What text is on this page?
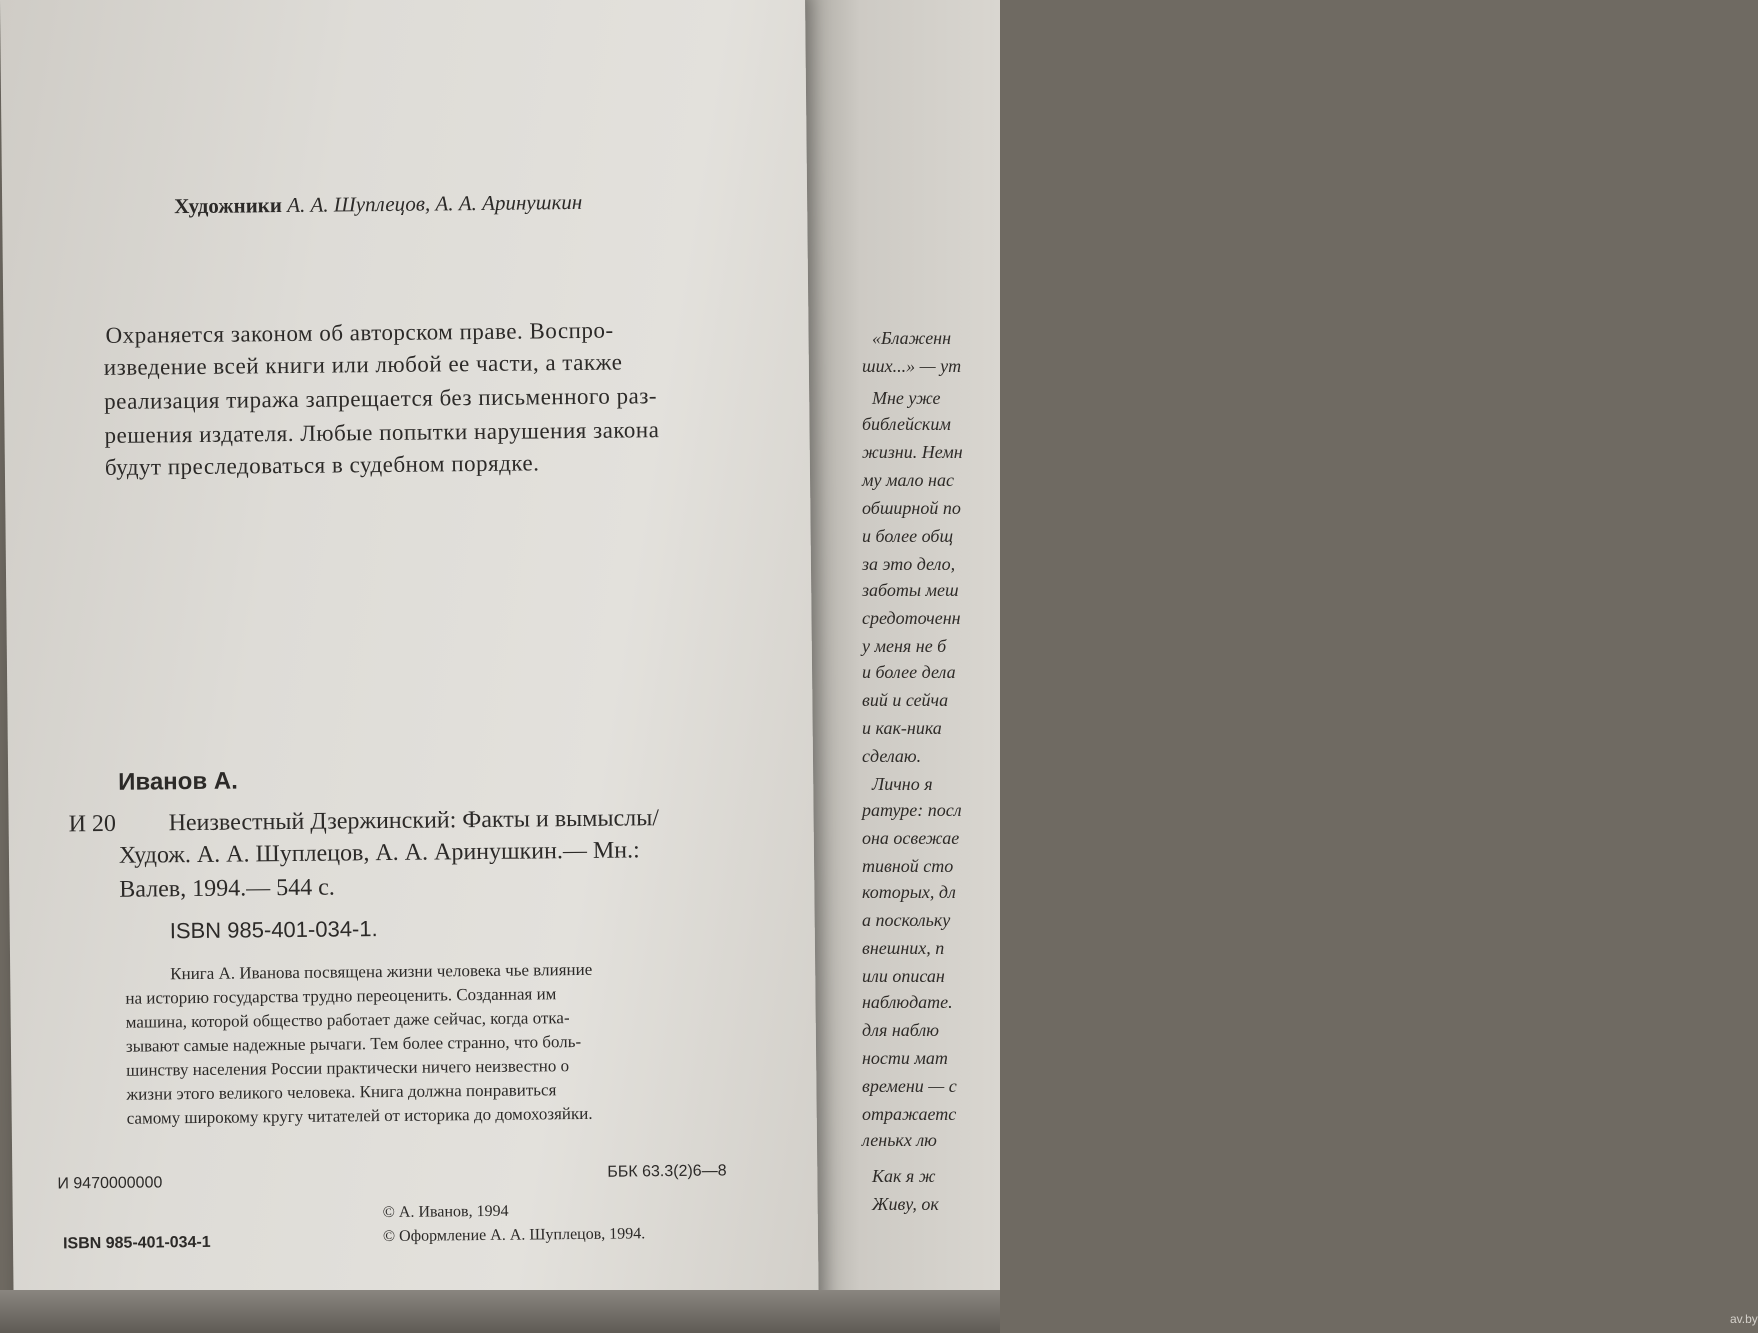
«Блаженн
ших...» — ут
Мне уже
библейским
жизни. Немн
му мало нас
обширной по
и более общ
за это дело,
заботы меш
средоточенн
у меня не б
и более дела
вий и сейча
и как-ника
сделаю.
Лично я
ратуре: посл
она освежае
тивной сто
которых, дл
а поскольку
внешних, п
или описан
наблюдате.
для наблю
ности мат
времени — с
отражаетс
ленькх лю
Как я ж
Живу, ок
av.by
Художники А. А. Шуплецов, А. А. Аринушкин
Охраняется законом об авторском праве. Воспро-
изведение всей книги или любой ее части, а также
реализация тиража запрещается без письменного раз-
решения издателя. Любые попытки нарушения закона
будут преследоваться в судебном порядке.
Иванов А.
И 20 Неизвестный Дзержинский: Факты и вымыслы/
Худож. А. А. Шуплецов, А. А. Аринушкин.— Мн.:
Валев, 1994.— 544 с.
ISBN 985-401-034-1.
Книга А. Иванова посвящена жизни человека чье влияние
на историю государства трудно переоценить. Созданная им
машина, которой общество работает даже сейчас, когда отка-
зывают самые надежные рычаги. Тем более странно, что боль-
шинству населения России практически ничего неизвестно о
жизни этого великого человека. Книга должна понравиться
самому широкому кругу читателей от историка до домохозяйки.
И 9470000000
ББК 63.3(2)6—8
© А. Иванов, 1994
© Оформление А. А. Шуплецов, 1994.
ISBN 985-401-034-1
